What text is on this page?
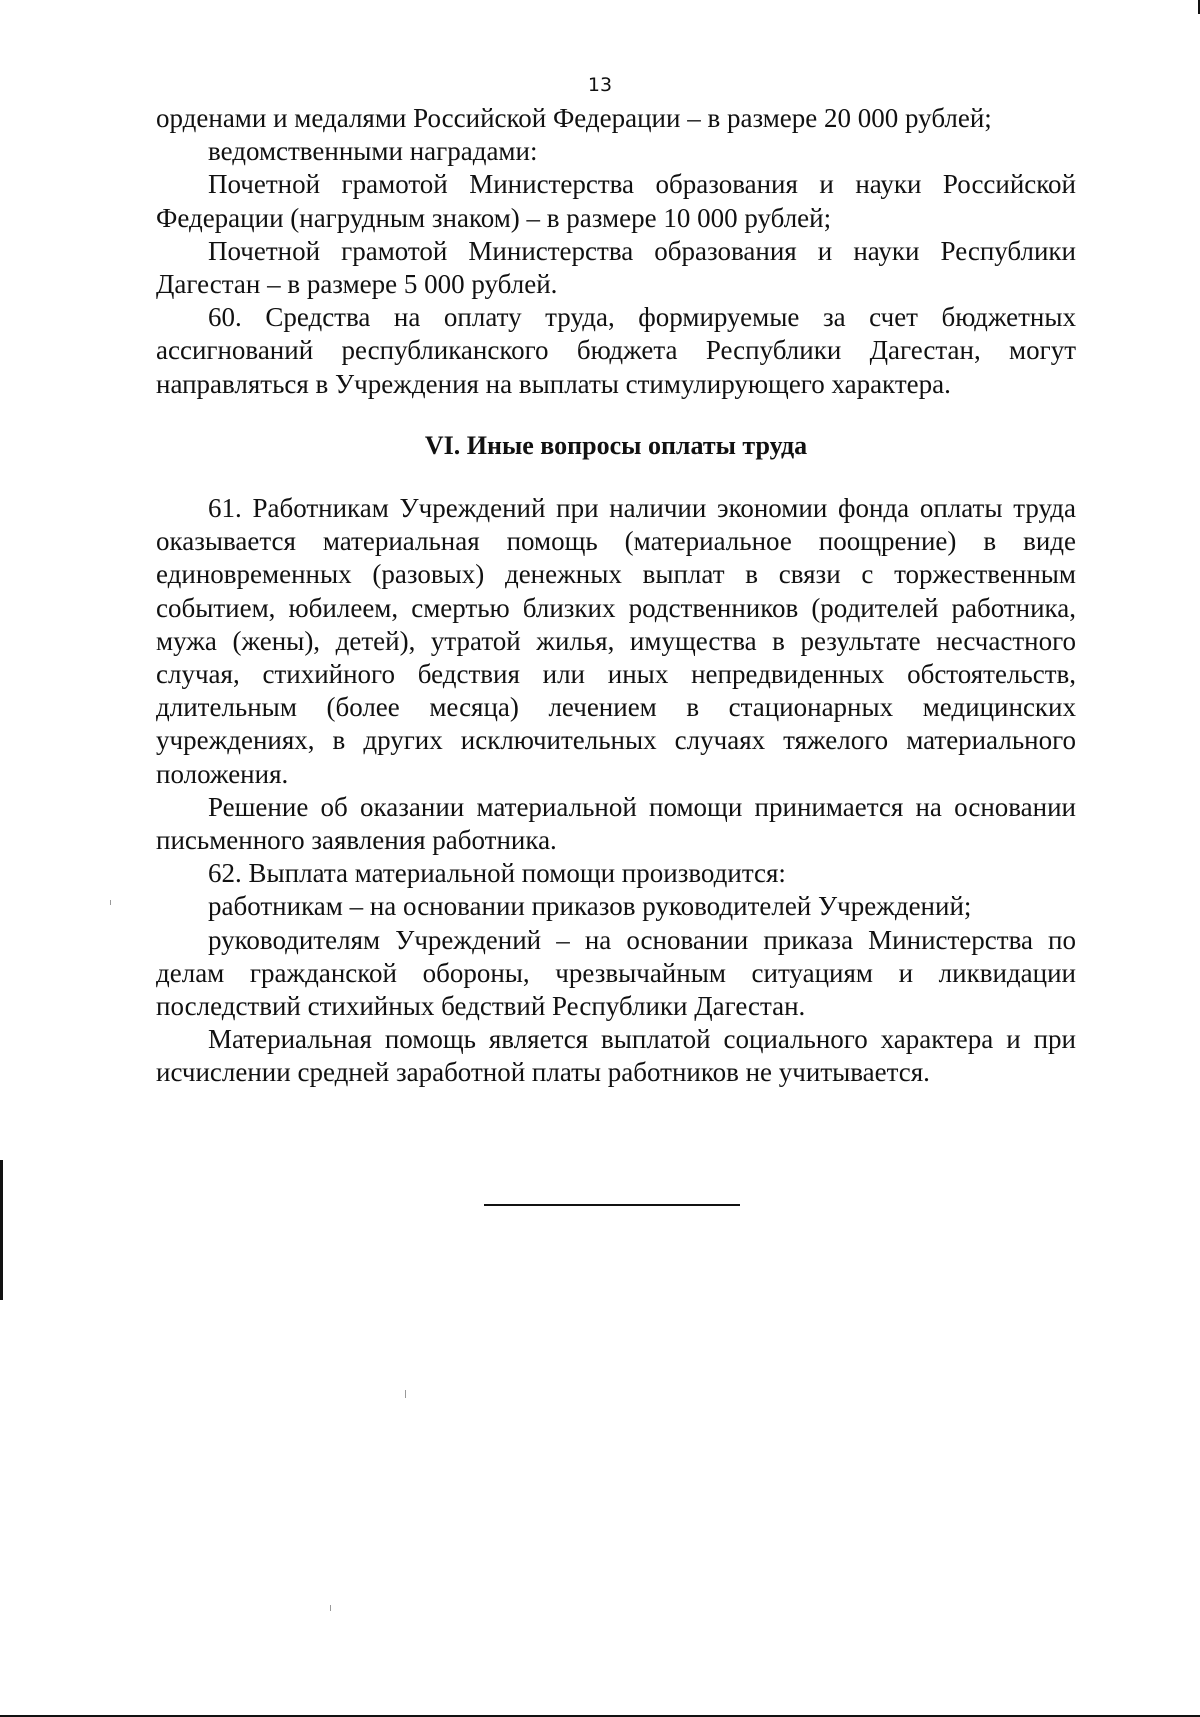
13

орденами и медалями Российской Федерации – в размере 20 000 рублей;

ведомственными наградами:

Почетной грамотой Министерства образования и науки Российской Федерации (нагрудным знаком) – в размере 10 000 рублей;

Почетной грамотой Министерства образования и науки Республики Дагестан – в размере 5 000 рублей.

60. Средства на оплату труда, формируемые за счет бюджетных ассигнований республиканского бюджета Республики Дагестан, могут направляться в Учреждения на выплаты стимулирующего характера.

VI. Иные вопросы оплаты труда

61. Работникам Учреждений при наличии экономии фонда оплаты труда оказывается материальная помощь (материальное поощрение) в виде единовременных (разовых) денежных выплат в связи с торжественным событием, юбилеем, смертью близких родственников (родителей работника, мужа (жены), детей), утратой жилья, имущества в результате несчастного случая, стихийного бедствия или иных непредвиденных обстоятельств, длительным (более месяца) лечением в стационарных медицинских учреждениях, в других исключительных случаях тяжелого материального положения.

Решение об оказании материальной помощи принимается на основании письменного заявления работника.

62. Выплата материальной помощи производится:

работникам – на основании приказов руководителей Учреждений;

руководителям Учреждений – на основании приказа Министерства по делам гражданской обороны, чрезвычайным ситуациям и ликвидации последствий стихийных бедствий Республики Дагестан.

Материальная помощь является выплатой социального характера и при исчислении средней заработной платы работников не учитывается.
